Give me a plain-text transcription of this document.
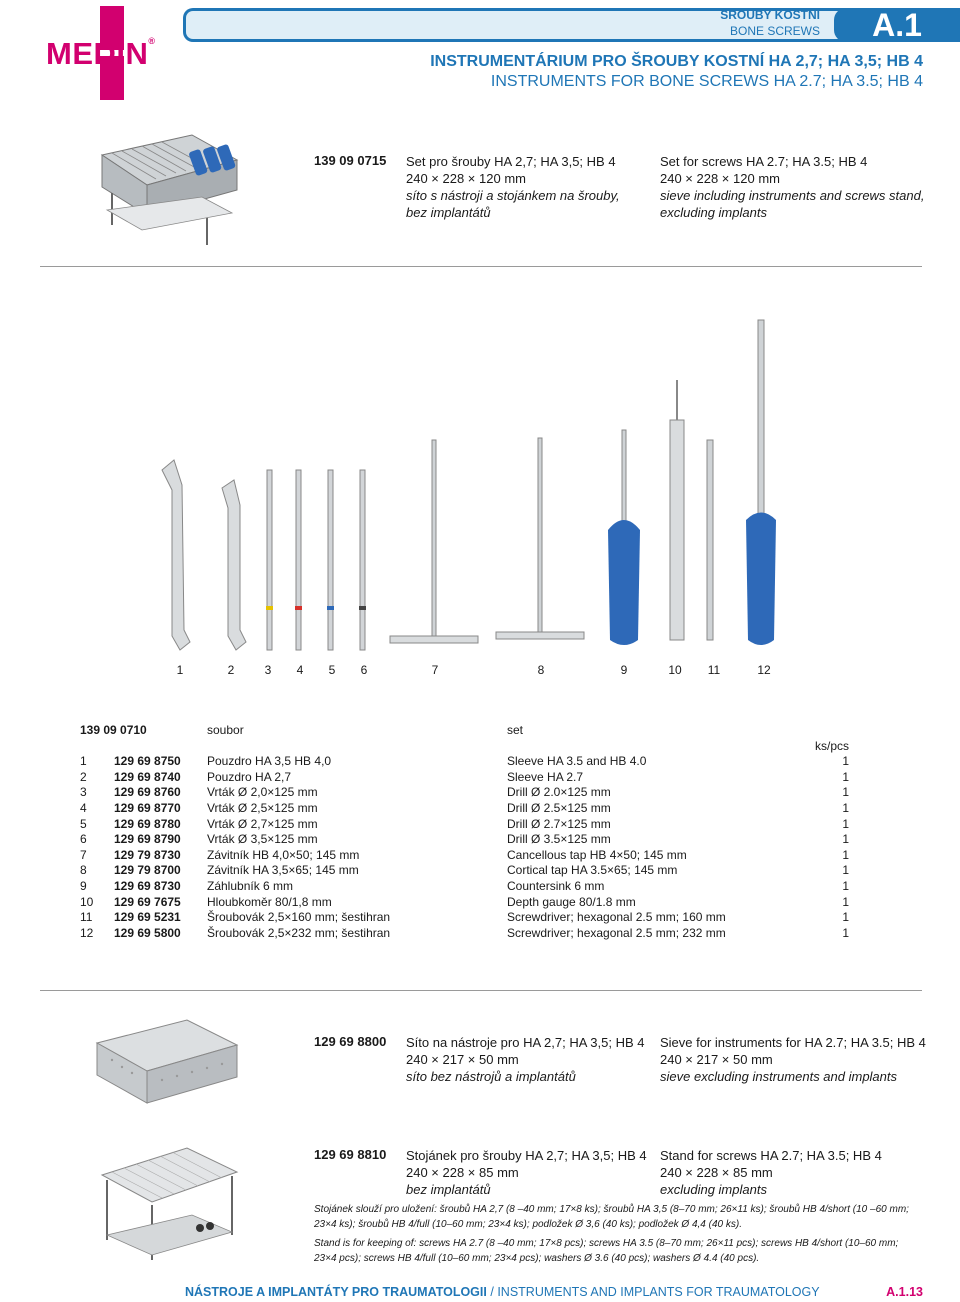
MEDIN®
ŠROUBY KOSTNÍ
BONE SCREWS	A.1
INSTRUMENTÁRIUM PRO ŠROUBY KOSTNÍ HA 2,7; HA 3,5; HB 4
INSTRUMENTS FOR BONE SCREWS HA 2.7; HA 3.5; HB 4
139 09 0715 Set pro šrouby HA 2,7; HA 3,5; HB 4
240 × 228 × 120 mm
síto s nástroji a stojánkem na šrouby,
bez implantátů
Set for screws HA 2.7; HA 3.5; HB 4
240 × 228 × 120 mm
sieve including instruments and screws stand,
excluding implants
1	2	3	4	5	6	7	8	9	10	11	12
139 09 0710		soubor	set	
				ks/pcs
1	129 69 8750	Pouzdro HA 3,5 HB 4,0	Sleeve HA 3.5 and HB 4.0	1
2	129 69 8740	Pouzdro HA 2,7	Sleeve HA 2.7	1
3	129 69 8760	Vrták Ø 2,0×125 mm	Drill Ø 2.0×125 mm	1
4	129 69 8770	Vrták Ø 2,5×125 mm	Drill Ø 2.5×125 mm	1
5	129 69 8780	Vrták Ø 2,7×125 mm	Drill Ø 2.7×125 mm	1
6	129 69 8790	Vrták Ø 3,5×125 mm	Drill Ø 3.5×125 mm	1
7	129 79 8730	Závitník HB 4,0×50; 145 mm	Cancellous tap HB 4×50; 145 mm	1
8	129 79 8700	Závitník HA 3,5×65; 145 mm	Cortical tap HA 3.5×65; 145 mm	1
9	129 69 8730	Záhlubník 6 mm	Countersink 6 mm	1
10	129 69 7675	Hloubkoměr 80/1,8 mm	Depth gauge 80/1.8 mm	1
11	129 69 5231	Šroubovák 2,5×160 mm; šestihran	Screwdriver; hexagonal 2.5 mm; 160 mm	1
12	129 69 5800	Šroubovák 2,5×232 mm; šestihran	Screwdriver; hexagonal 2.5 mm; 232 mm	1
129 69 8800 Síto na nástroje pro HA 2,7; HA 3,5; HB 4
240 × 217 × 50 mm
síto bez nástrojů a implantátů
Sieve for instruments for HA 2.7; HA 3.5; HB 4
240 × 217 × 50 mm
sieve excluding instruments and implants
129 69 8810 Stojánek pro šrouby HA 2,7; HA 3,5; HB 4
240 × 228 × 85 mm
bez implantátů
Stand for screws HA 2.7; HA 3.5; HB 4
240 × 228 × 85 mm
excluding implants
Stojánek slouží pro uložení: šroubů HA 2,7 (8 –40 mm; 17×8 ks); šroubů HA 3,5 (8–70 mm; 26×11 ks); šroubů HB 4/short (10 –60 mm; 23×4 ks); šroubů HB 4/full (10–60 mm; 23×4 ks); podložek Ø 3,6 (40 ks); podložek Ø 4,4 (40 ks).
Stand is for keeping of: screws HA 2.7 (8 –40 mm; 17×8 pcs); screws HA 3.5 (8–70 mm; 26×11 pcs); screws HB 4/short (10–60 mm; 23×4 pcs); screws HB 4/full (10–60 mm; 23×4 pcs); washers Ø 3.6 (40 pcs); washers Ø 4.4 (40 pcs).
NÁSTROJE A IMPLANTÁTY PRO TRAUMATOLOGII / INSTRUMENTS AND IMPLANTS FOR TRAUMATOLOGY	A.1.13
